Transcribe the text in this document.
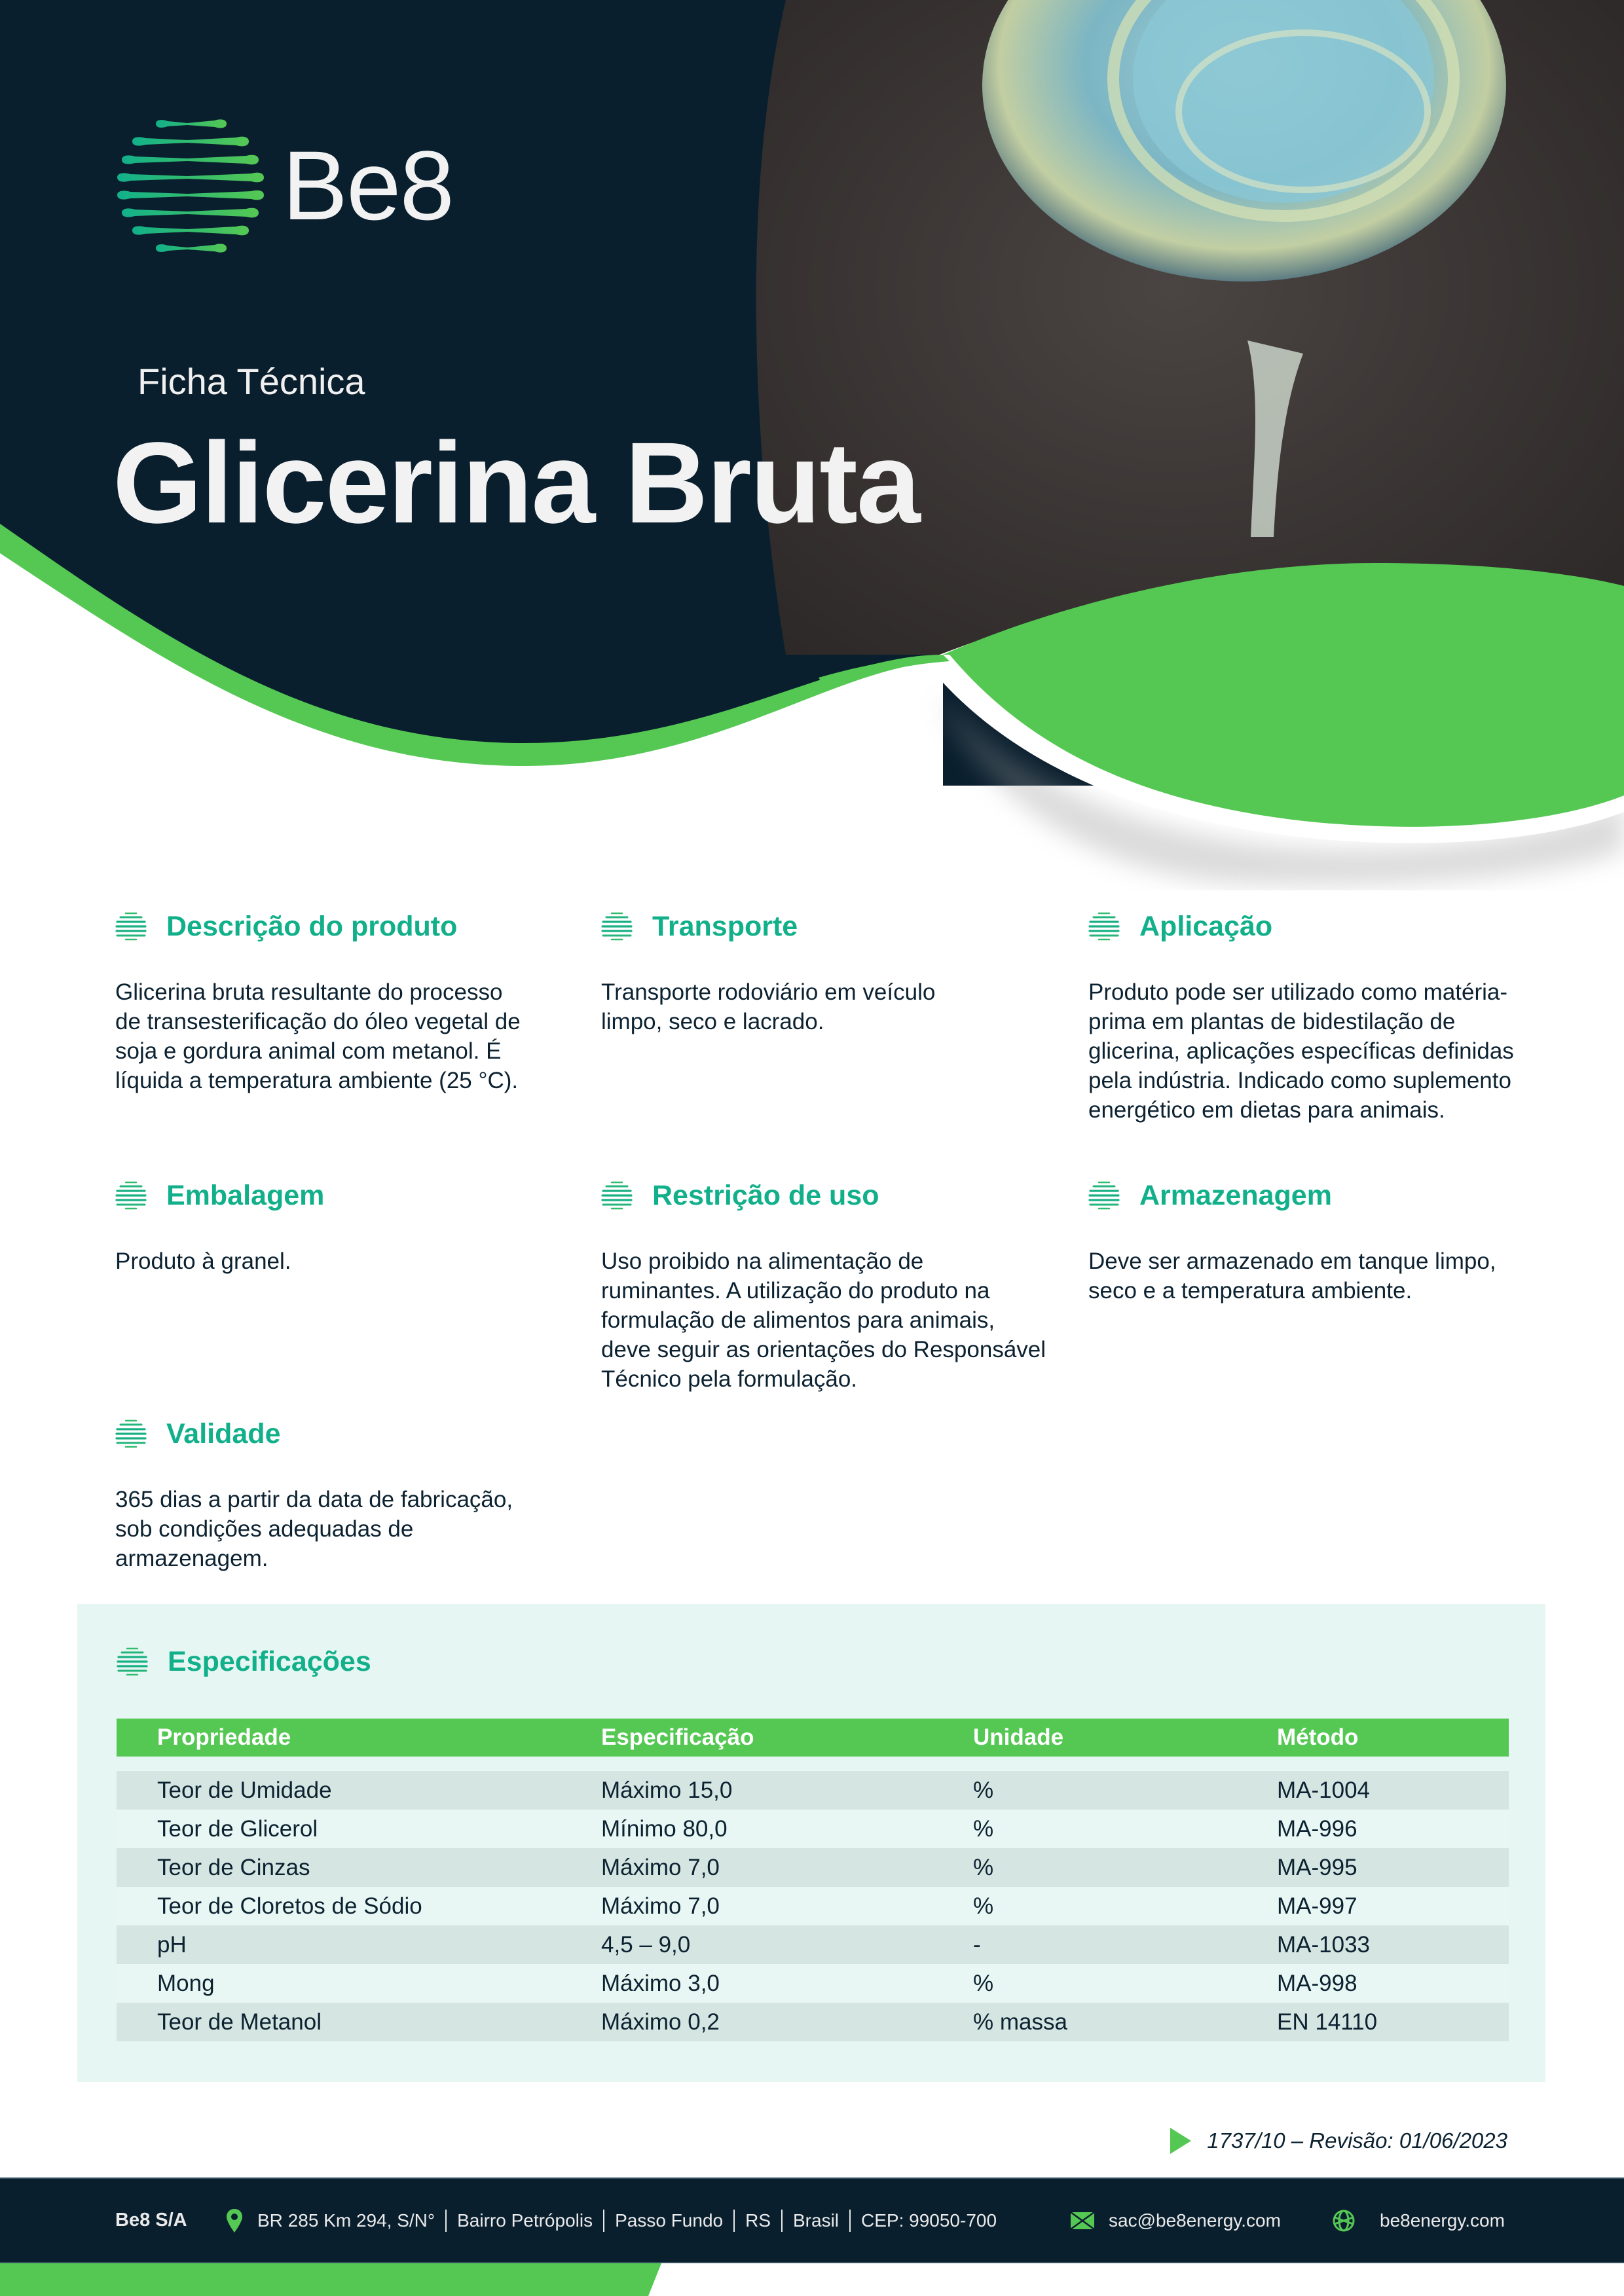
Be8
Ficha Técnica
Glicerina Bruta
Descrição do produto

Glicerina bruta resultante do processo de transesterificação do óleo vegetal de soja e gordura animal com metanol. É líquida a temperatura ambiente (25 °C).

Transporte

Transporte rodoviário em veículo limpo, seco e lacrado.

Aplicação

Produto pode ser utilizado como matéria-prima em plantas de bidestilação de glicerina, aplicações específicas definidas pela indústria. Indicado como suplemento energético em dietas para animais.

Embalagem

Produto à granel.

Restrição de uso

Uso proibido na alimentação de ruminantes. A utilização do produto na formulação de alimentos para animais, deve seguir as orientações do Responsável Técnico pela formulação.

Armazenagem

Deve ser armazenado em tanque limpo, seco e a temperatura ambiente.

Validade

365 dias a partir da data de fabricação, sob condições adequadas de armazenagem.

Especificações
Propriedade	Especificação	Unidade	Método
Teor de Umidade	Máximo 15,0	%	MA-1004
Teor de Glicerol	Mínimo 80,0	%	MA-996
Teor de Cinzas	Máximo 7,0	%	MA-995
Teor de Cloretos de Sódio	Máximo 7,0	%	MA-997
pH	4,5 – 9,0	-	MA-1033
Mong	Máximo 3,0	%	MA-998
Teor de Metanol	Máximo 0,2	% massa	EN 14110
1737/10 – Revisão: 01/06/2023
Be8 S/A	BR 285 Km 294, S/N° Bairro Petrópolis Passo Fundo RS Brasil CEP: 99050-700	sac@be8energy.com	be8energy.com
